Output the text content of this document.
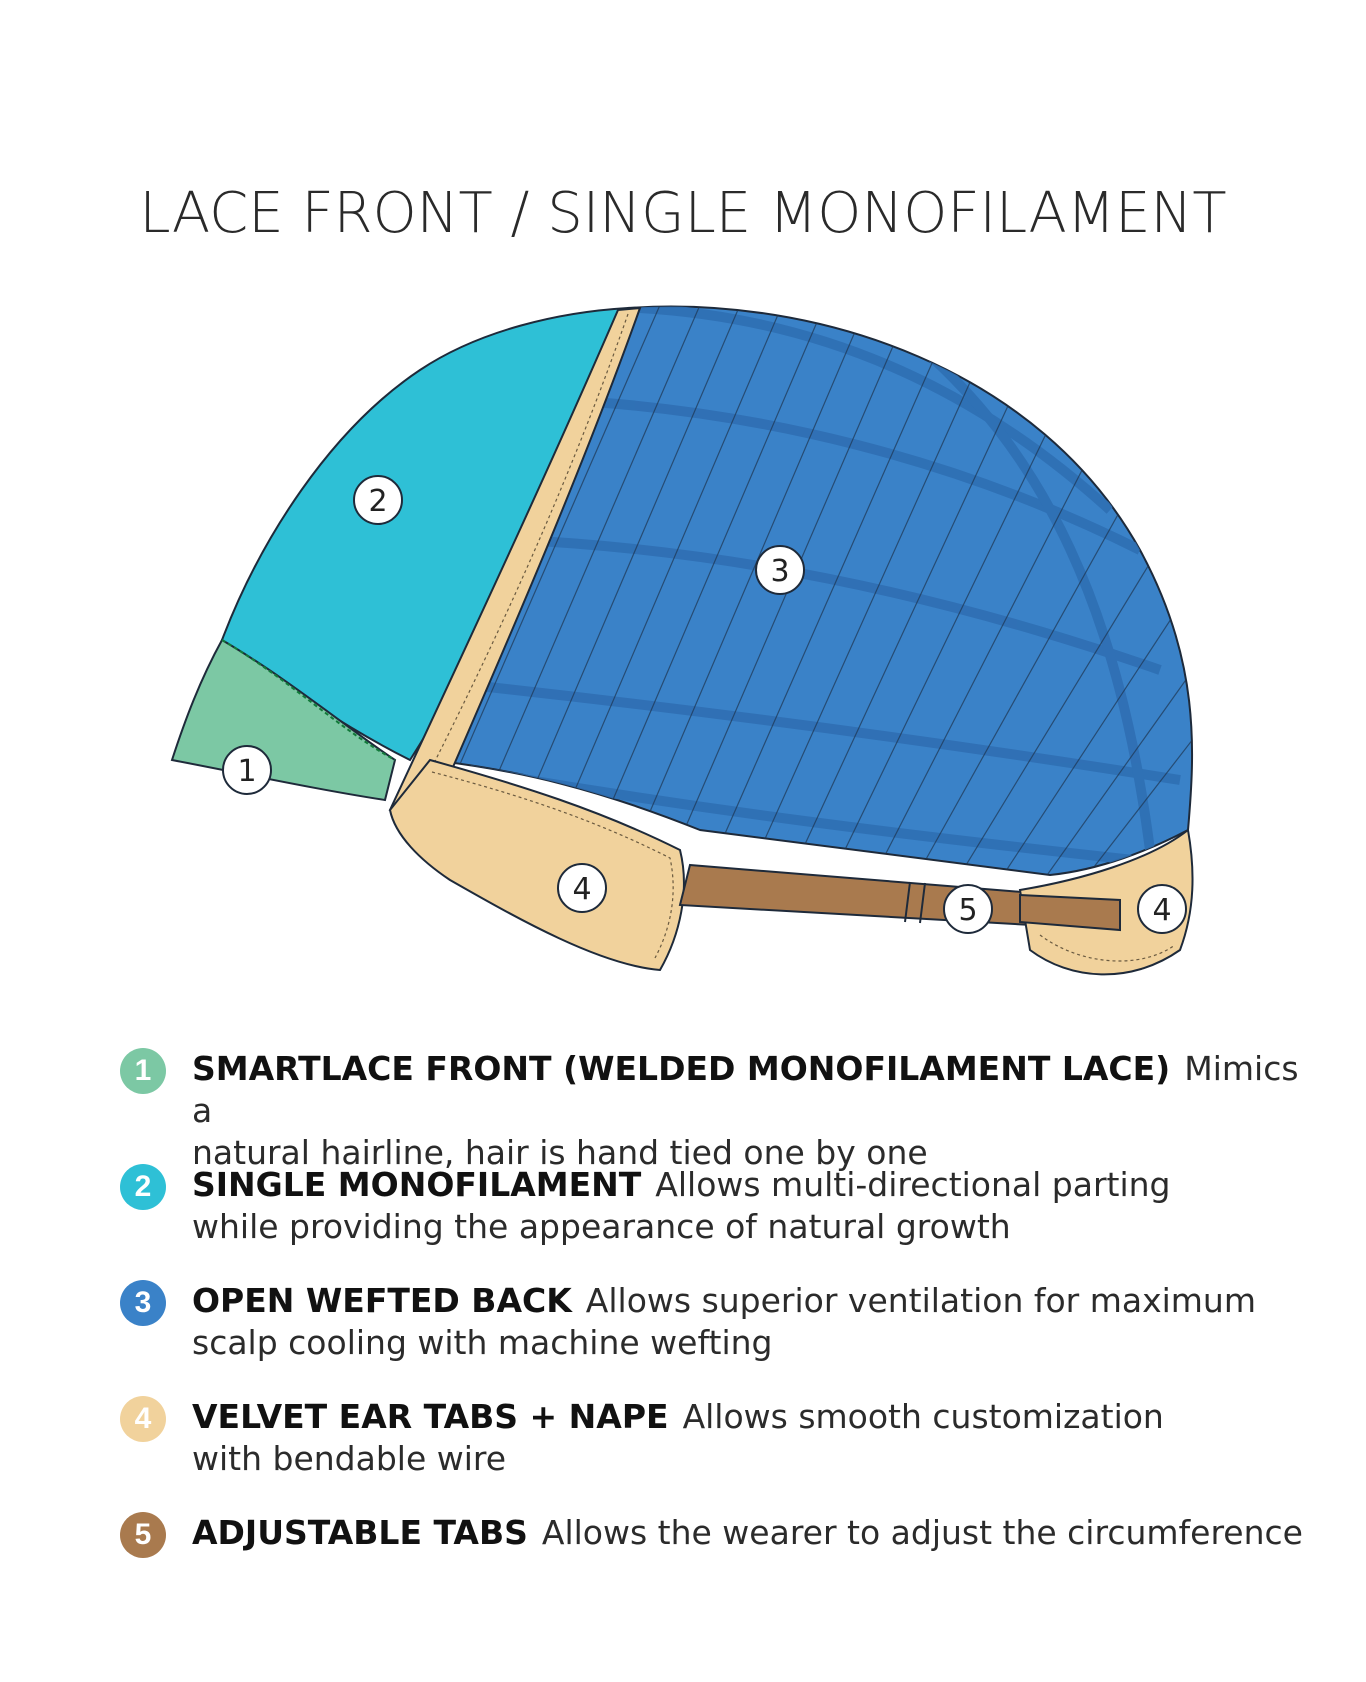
LACE FRONT / SINGLE MONOFILAMENT
1
2
3
4
5	4
1	SMARTLACE FRONT (WELDED MONOFILAMENT LACE) Mimics a
natural hairline, hair is hand tied one by one
2	SINGLE MONOFILAMENT Allows multi-directional parting
while providing the appearance of natural growth
3	OPEN WEFTED BACK Allows superior ventilation for maximum
scalp cooling with machine wefting
4	VELVET EAR TABS + NAPE Allows smooth customization
with bendable wire
5	ADJUSTABLE TABS Allows the wearer to adjust the circumference
